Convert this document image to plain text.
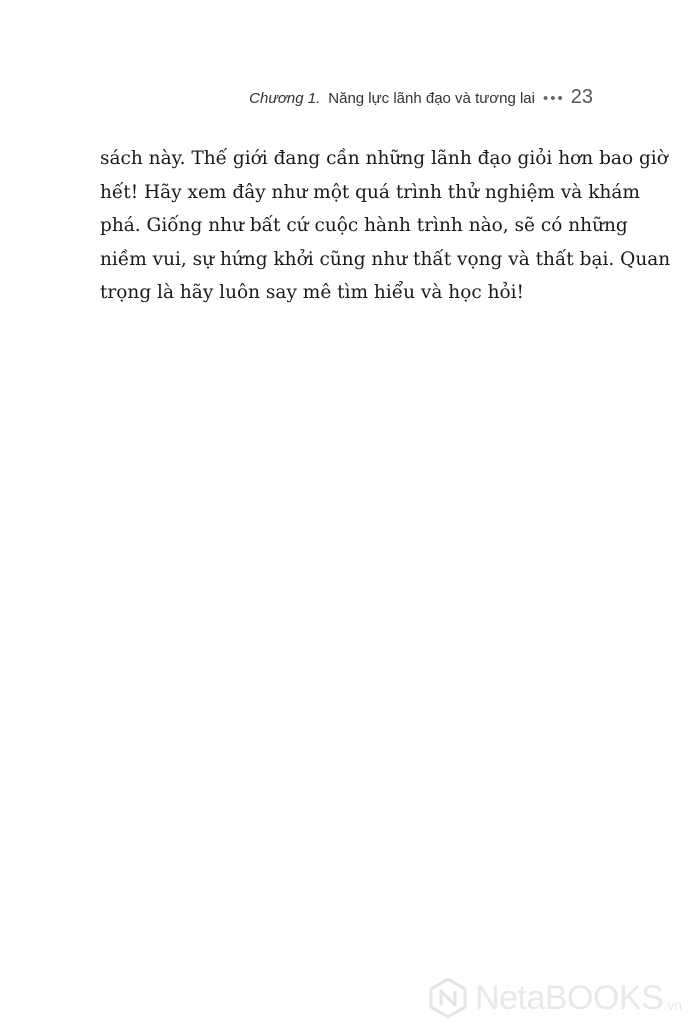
Chương 1. Năng lực lãnh đạo và tương lai ••• 23
sách này. Thế giới đang cần những lãnh đạo giỏi hơn bao giờ
hết! Hãy xem đây như một quá trình thử nghiệm và khám
phá. Giống như bất cứ cuộc hành trình nào, sẽ có những
niềm vui, sự hứng khởi cũng như thất vọng và thất bại. Quan
trọng là hãy luôn say mê tìm hiểu và học hỏi!
NetaBOOKS .vn
